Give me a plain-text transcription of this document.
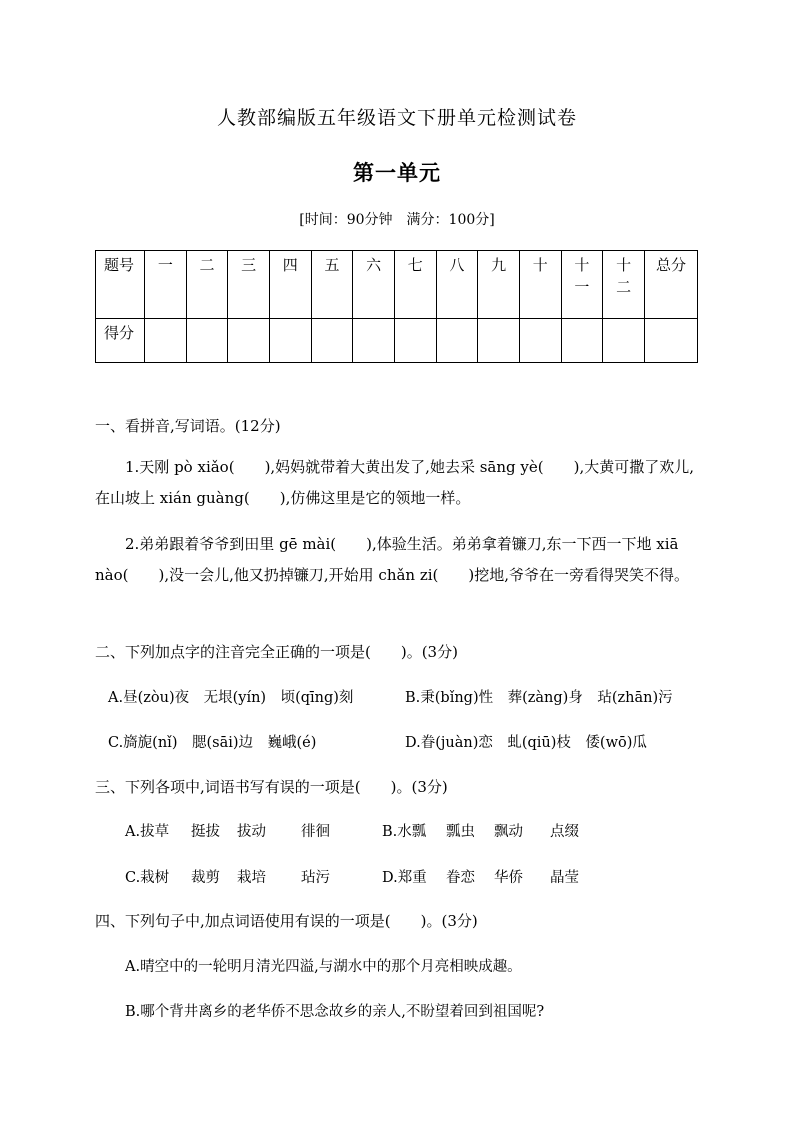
人教部编版五年级语文下册单元检测试卷
第一单元
[时间：90分钟　满分：100分]
题号	一	二	三	四	五	六	七	八	九	十	十一	十二	总分
得分													
一、看拼音,写词语。(12分)
1.天刚 pò xiǎo(　　),妈妈就带着大黄出发了,她去采 sāng yè(　　),大黄可撒了欢儿,在山坡上 xián guàng(　　),仿佛这里是它的领地一样。
2.弟弟跟着爷爷到田里 gē mài(　　),体验生活。弟弟拿着镰刀,东一下西一下地 xiā nào(　　),没一会儿,他又扔掉镰刀,开始用 chǎn zi(　　)挖地,爷爷在一旁看得哭笑不得。
二、下列加点字的注音完全正确的一项是(　　)。(3分)
A.昼(zòu)夜　无垠(yín)　顷(qīng)刻	B.秉(bǐng)性　葬(zàng)身　玷(zhān)污
C.旖旎(nǐ)　腮(sāi)边　巍峨(é)	D.眷(juàn)恋　虬(qiū)枝　倭(wō)瓜
三、下列各项中,词语书写有误的一项是(　　)。(3分)
A.拔草 挺拔 拔动 徘徊	B.水瓢 瓢虫 飘动 点缀
C.栽树 裁剪 栽培 玷污	D.郑重 眷恋 华侨 晶莹
四、下列句子中,加点词语使用有误的一项是(　　)。(3分)
A.晴空中的一轮明月清光四溢,与湖水中的那个月亮相映成趣。
B.哪个背井离乡的老华侨不思念故乡的亲人,不盼望着回到祖国呢?
